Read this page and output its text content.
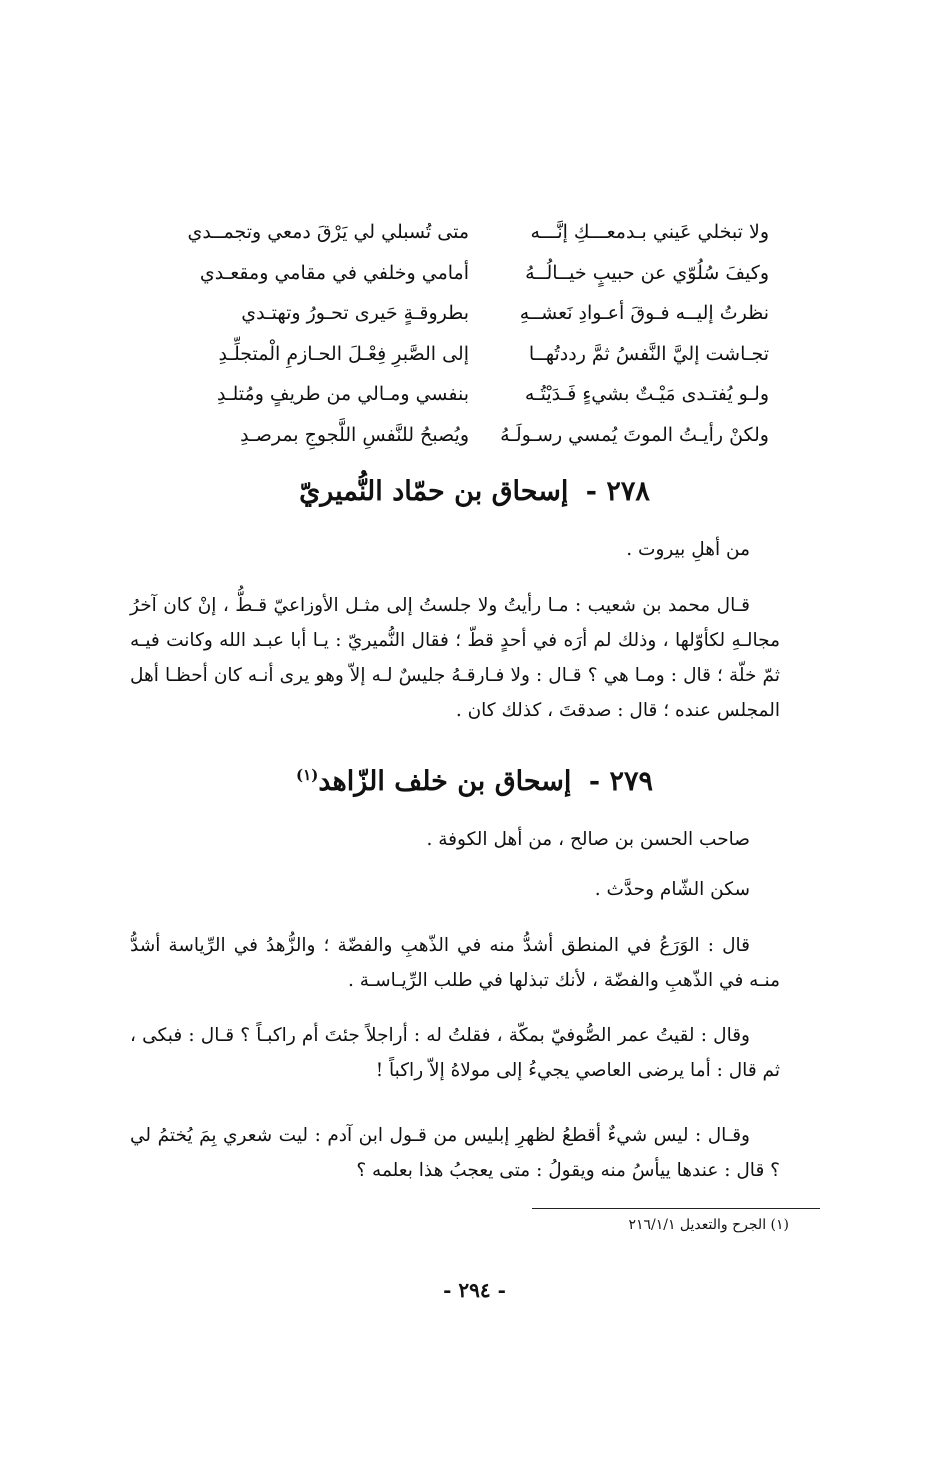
ولا تبخلي عَيني بـدمعـــكِ إنَّـــه
متى تُسبلي لي يَرْقَ دمعي وتجمــدي
وكيفَ سُلُوّي عن حبيبٍ خيــالُــهُ
أمامي وخلفي في مقامي ومقعـدي
نظرتُ إليــه فـوقَ أعـوادِ نَعشــهِ
بطروقـةٍ حَيرى تحـورُ وتهتـدي
تجـاشت إليَّ النَّفسُ ثمَّ رددتُهــا
إلى الصَّبرِ فِعْـلَ الحـازمِ الْمتجلِّـدِ
ولـو يُفتـدى مَيْـتٌ بشيءٍ فَـدَيْتُـه
بنفسي ومـالي من طريفٍ ومُتلـدِ
ولكنْ رأيـتُ الموتَ يُمسي رسـولَـهُ
ويُصبحُ للنَّفسِ اللَّجوجِ بمرصـدِ
٢٧٨ - إسحاق بن حمّاد النُّميريّ
من أهلِ بيروت .
قـال محمد بن شعيب : مـا رأيتُ ولا جلستُ إلى مثـل الأوزاعيّ قـطُّ ، إنْ كان آخرُ مجالـهِ لكأوّلها ، وذلك لم أرَه في أحدٍ قطّ ؛ فقال النُّميريّ : يـا أبا عبـد الله وكانت فيـه ثمّ خلّة ؛ قال : ومـا هي ؟ قـال : ولا فـارقـهُ جليسٌ لـه إلاّ وهو يرى أنـه كان أحظـا أهل المجلس عنده ؛ قال : صدقتَ ، كذلك كان .
٢٧٩ - إسحاق بن خلف الزّاهد$^{(١)}$
صاحب الحسن بن صالح ، من أهل الكوفة .
سكن الشّام وحدَّث .
قال : الوَرَعُ في المنطق أشدُّ منه في الذّهبِ والفضّة ؛ والزُّهدُ في الرِّياسة أشدُّ منـه في الذّهبِ والفضّة ، لأنك تبذلها في طلب الرِّيـاسـة .
وقال : لقيتُ عمر الصُّوفيّ بمكّة ، فقلتُ له : أراجلاً جئتَ أم راكبـاً ؟ قـال : فبكى ، ثم قال : أما يرضى العاصي يجيءُ إلى مولاهُ إلاّ راكباً !
وقـال : ليس شيءٌ أقطعُ لظهرِ إبليس من قـول ابن آدم : ليت شعري بِمَ يُختمُ لي ؟ قال : عندها ييأسُ منه ويقولُ : متى يعجبُ هذا بعلمه ؟
(١) الجرح والتعديل ٢١٦/١/١
- ٢٩٤ -
